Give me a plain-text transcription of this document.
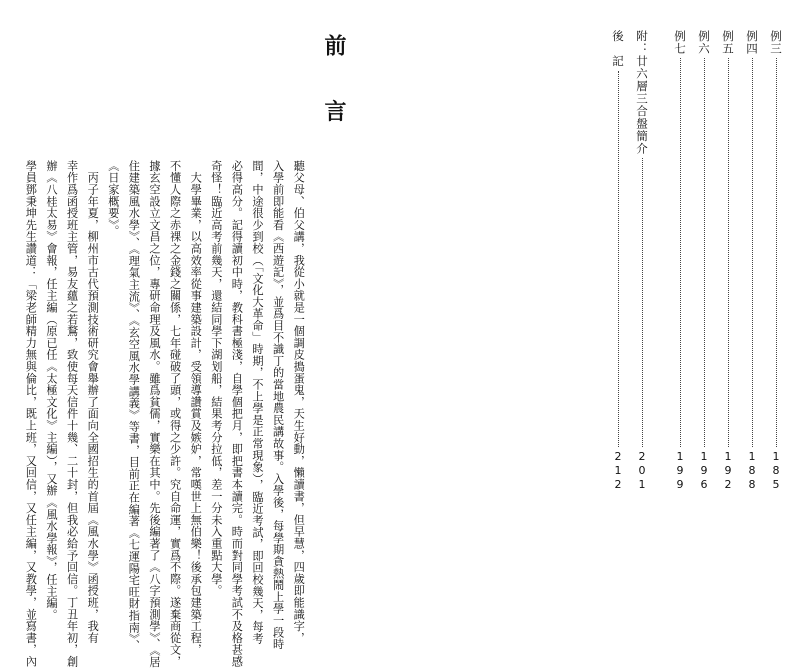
前 言
聽父母、伯父講，我從小就是一個調皮搗蛋鬼，天生好動，懶讀書，但早慧，四歲即能識字，
入學前即能看《西遊記》，並爲目不識丁的當地農民講故事。入學後，每學期貪熱鬧上學一段時
間，中途很少到校（「文化大革命」時期，不上學是正常現象），臨近考試，即回校幾天，每考
必得高分。記得讀初中時，教科書極淺，自學個把月，即把書本讀完。時而對同學考試不及格甚感
奇怪！臨近高考前幾天，還結同學下湖划船，結果考分拉低，差一分未入重點大學。
　大學畢業，以高效率從事建築設計，受領導讚賞及嫉妒，常嘆世上無伯樂！後承包建築工程，
不懂人際之赤裸之金錢之關係，七年碰破了頭，或得之少許。究自命運，實爲不際。遂棄商從文，
據玄空設立文昌之位，專研命理及風水。雖爲貧儒，實樂在其中。先後編著了《八字預測學》、《居
住建築風水學》、《理氣主流》、《玄空風水學講義》等書，目前正在編著《七運陽宅旺財指南》、
《日家概要》。
　丙子年夏，柳州市古代預測技術研究會舉辦了面向全國招生的首屆《風水學》函授班，我有
幸作爲函授班主管，易友蘊之若鶩，致使每天信件十幾、二十封，但我必給予回信。丁丑年初，創
辦《八桂太易》會報，任主編（原已任《太極文化》主編），又辦《風水學報》，任主編。
學員鄧秉坤先生讚道：「梁老師精力無與倫比，既上班，又回信，又任主編，又教學，並寫書，內
例三
185
例四
188
例五
192
例六
196
例七
199
附：廿六層三合盤簡介
201
後　記
212
